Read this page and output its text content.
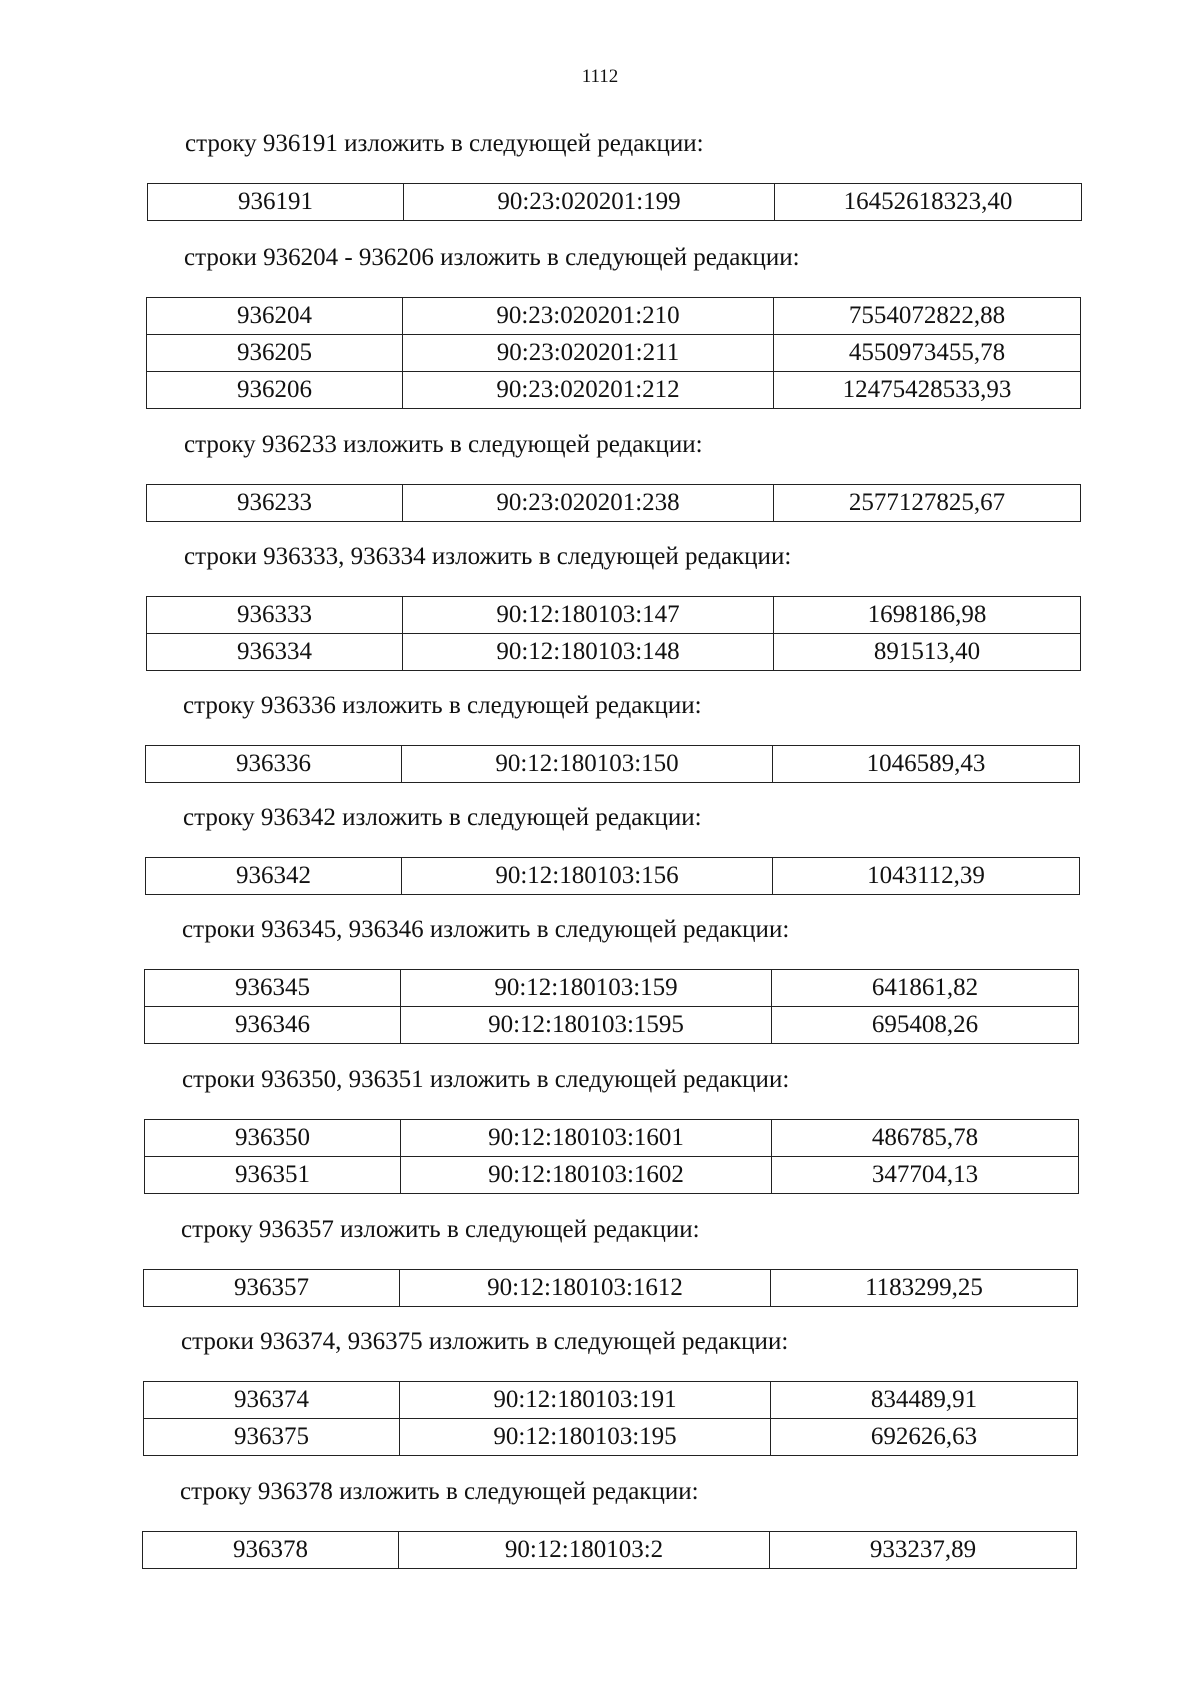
1112
строку 936191 изложить в следующей редакции:
936191	90:23:020201:199	16452618323,40
строки 936204 - 936206 изложить в следующей редакции:
936204	90:23:020201:210	7554072822,88
936205	90:23:020201:211	4550973455,78
936206	90:23:020201:212	12475428533,93
строку 936233 изложить в следующей редакции:
936233	90:23:020201:238	2577127825,67
строки 936333, 936334 изложить в следующей редакции:
936333	90:12:180103:147	1698186,98
936334	90:12:180103:148	891513,40
строку 936336 изложить в следующей редакции:
936336	90:12:180103:150	1046589,43
строку 936342 изложить в следующей редакции:
936342	90:12:180103:156	1043112,39
строки 936345, 936346 изложить в следующей редакции:
936345	90:12:180103:159	641861,82
936346	90:12:180103:1595	695408,26
строки 936350, 936351 изложить в следующей редакции:
936350	90:12:180103:1601	486785,78
936351	90:12:180103:1602	347704,13
строку 936357 изложить в следующей редакции:
936357	90:12:180103:1612	1183299,25
строки 936374, 936375 изложить в следующей редакции:
936374	90:12:180103:191	834489,91
936375	90:12:180103:195	692626,63
строку 936378 изложить в следующей редакции:
936378	90:12:180103:2	933237,89
